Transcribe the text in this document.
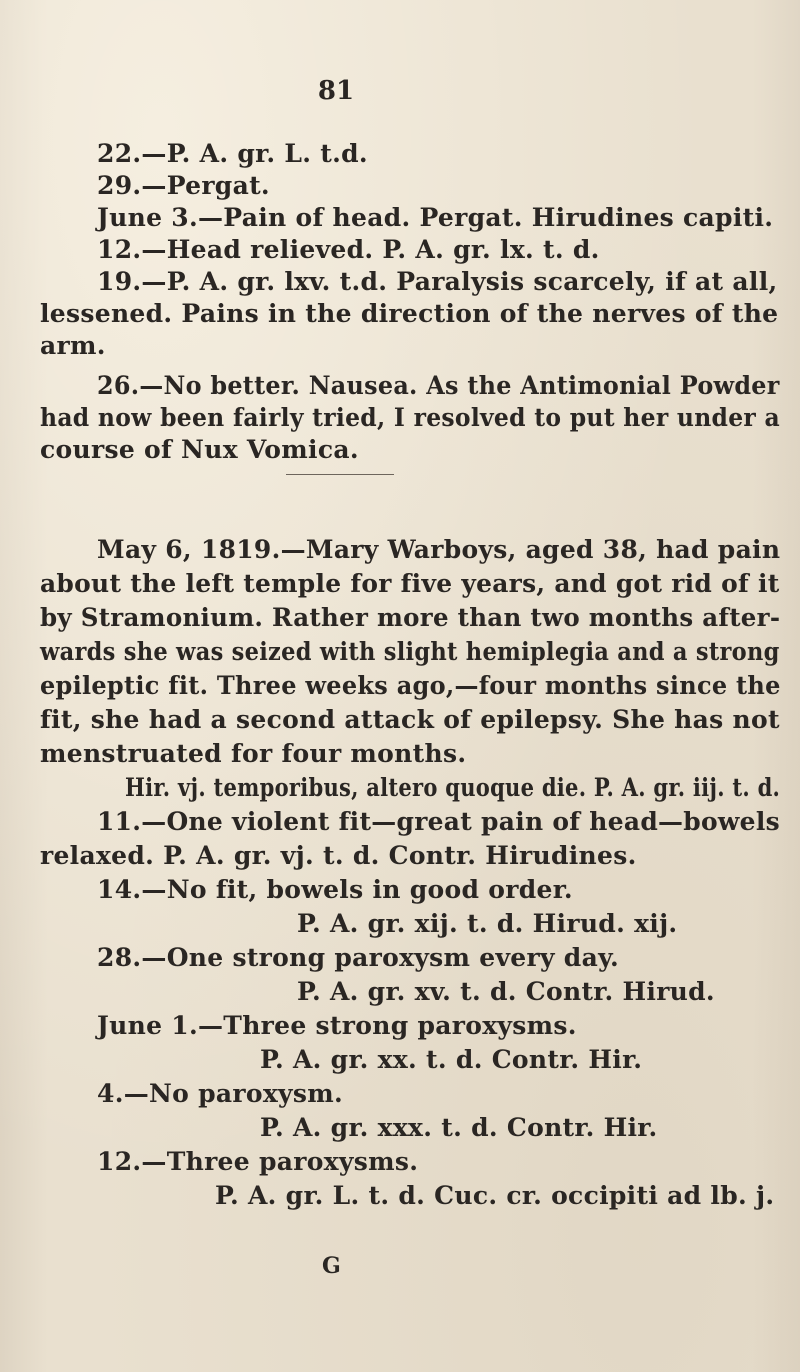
81
22.—P. A. gr. L. t.d.
29.—Pergat.
June 3.—Pain of head. Pergat. Hirudines capiti.
12.—Head relieved. P. A. gr. lx. t. d.
19.—P. A. gr. lxv. t.d. Paralysis scarcely, if at all,
lessened. Pains in the direction of the nerves of the
arm.
26.—No better. Nausea. As the Antimonial Powder
had now been fairly tried, I resolved to put her under a
course of Nux Vomica.
May 6, 1819.—Mary Warboys, aged 38, had pain
about the left temple for five years, and got rid of it
by Stramonium. Rather more than two months after-
wards she was seized with slight hemiplegia and a strong
epileptic fit. Three weeks ago,—four months since the
fit, she had a second attack of epilepsy. She has not
menstruated for four months.
Hir. vj. temporibus, altero quoque die. P. A. gr. iij. t. d.
11.—One violent fit—great pain of head—bowels
relaxed. P. A. gr. vj. t. d. Contr. Hirudines.
14.—No fit, bowels in good order.
P. A. gr. xij. t. d. Hirud. xij.
28.—One strong paroxysm every day.
P. A. gr. xv. t. d. Contr. Hirud.
June 1.—Three strong paroxysms.
P. A. gr. xx. t. d. Contr. Hir.
4.—No paroxysm.
P. A. gr. xxx. t. d. Contr. Hir.
12.—Three paroxysms.
P. A. gr. L. t. d. Cuc. cr. occipiti ad lb. j.
G
